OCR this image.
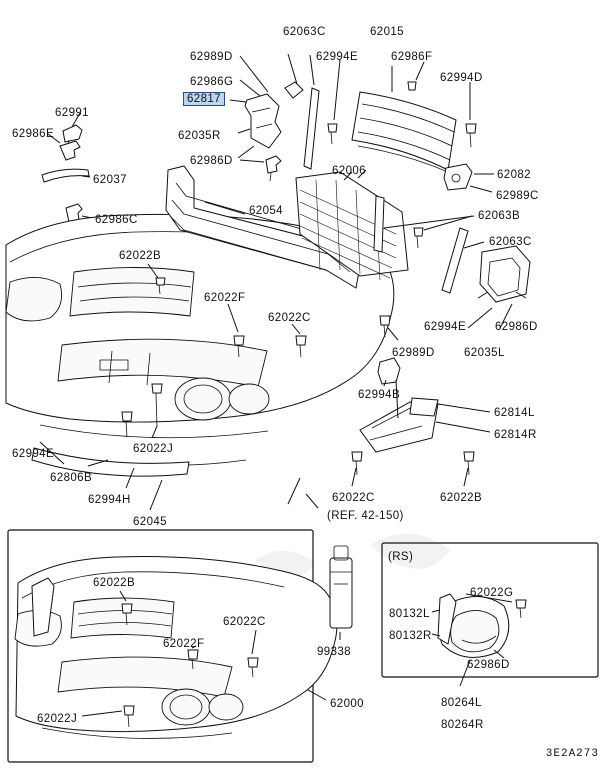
62063C	62015
62989D	62994E	62986F
62986G	62994D
62991
62817
62986E	62035R
62986D
62006
62037	62082
62989C
62054
62986C	62063B
62063C
62022B
62022F
62022C
62994E	62986D
62989D	62035L
62994B
62814L
62814R
62994E	62022J
62806B
62994H	62022C	62022B
62045
62022B
62022G
80132L
80132R
62022C
62022F
99338
62986D
62000	80264L
62022J	80264R
3E2A273
(REF. 42-150)
(RS)
